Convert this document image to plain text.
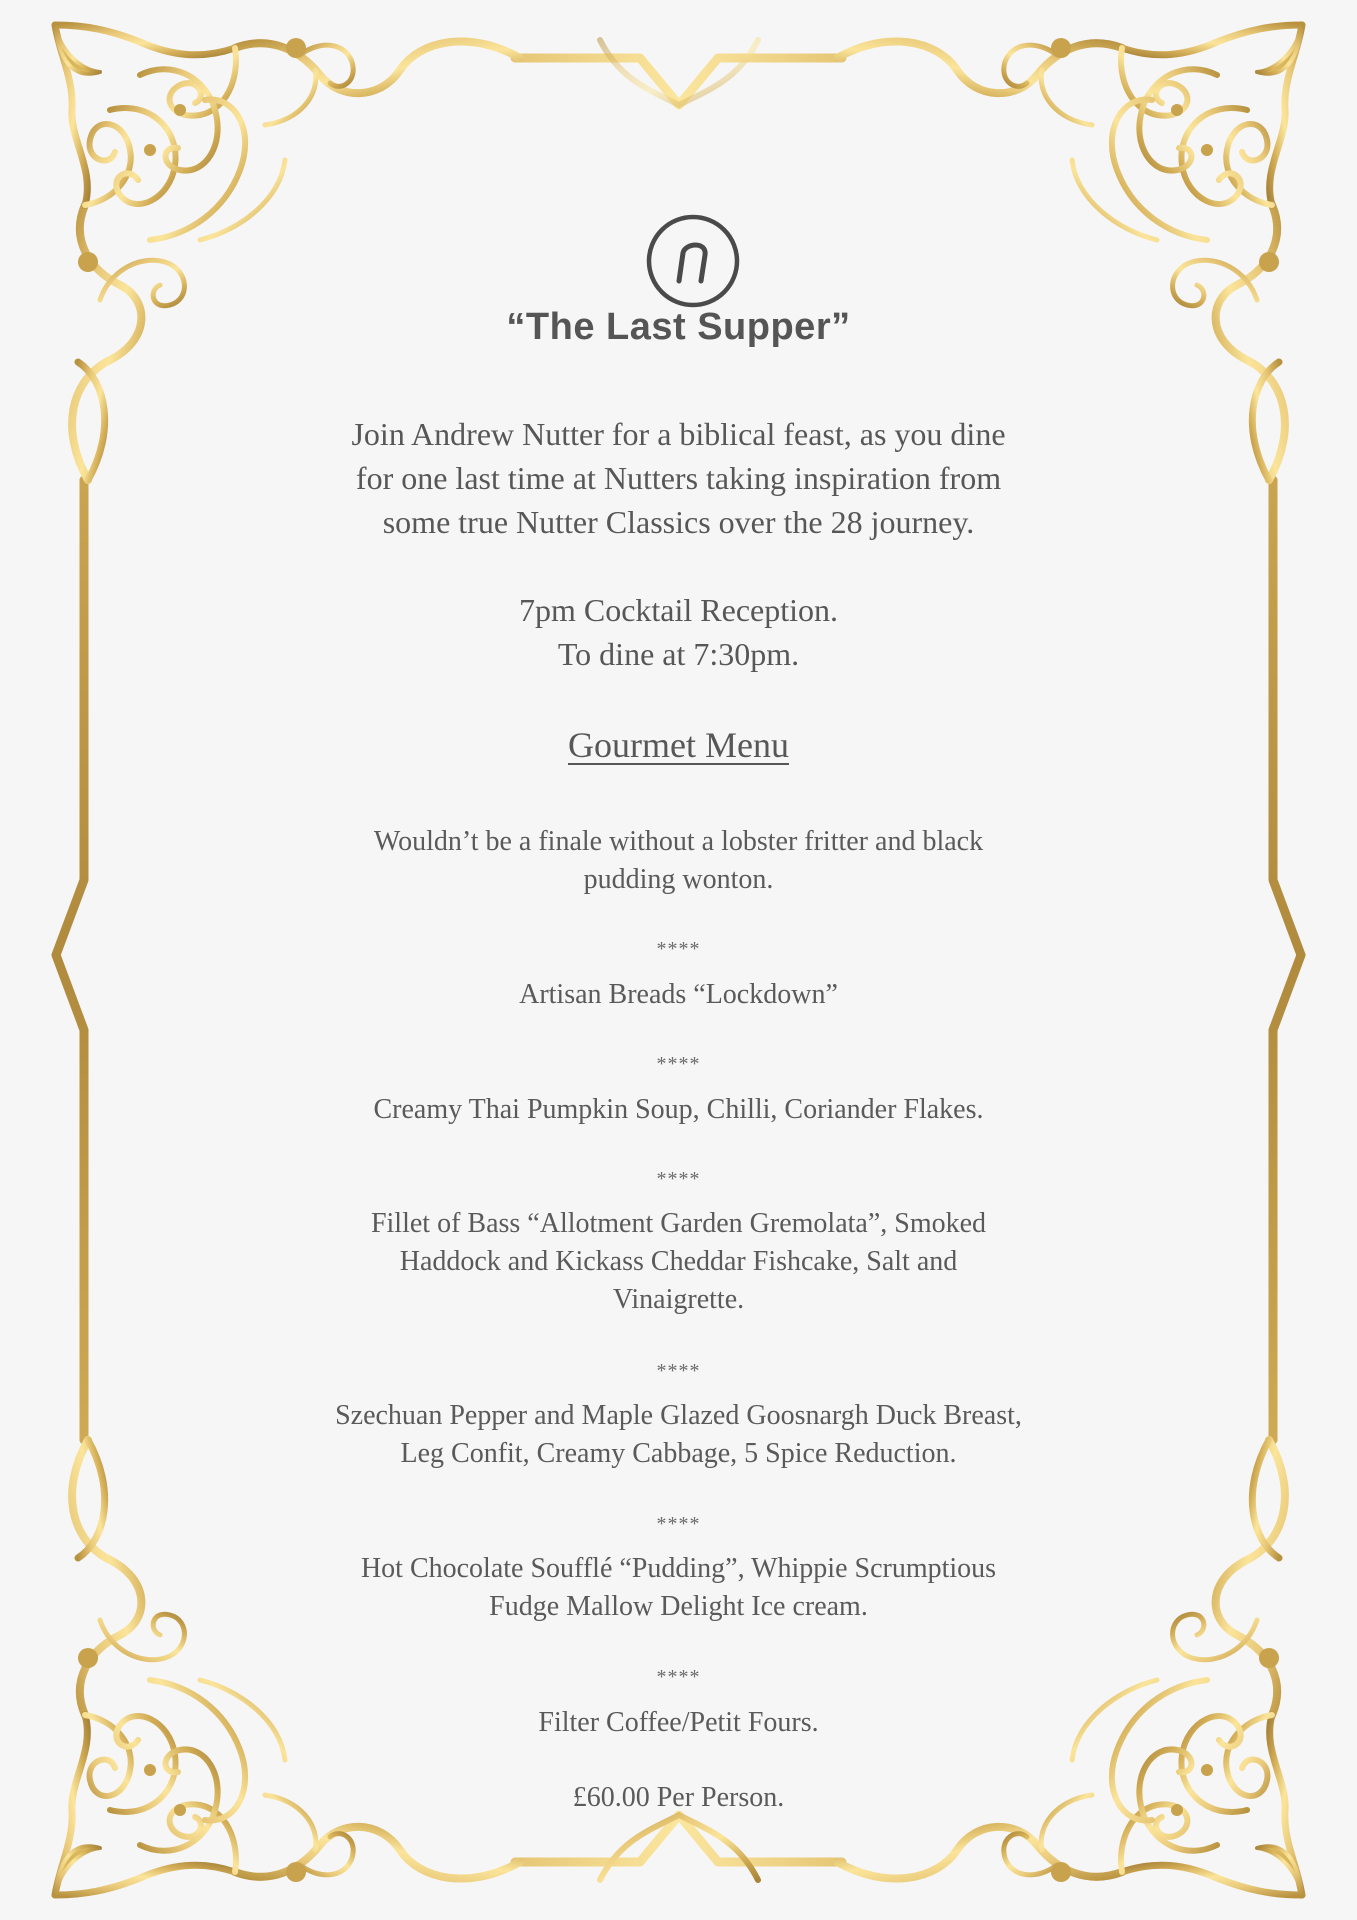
“The Last Supper”
Join Andrew Nutter for a biblical feast, as you dine
for one last time at Nutters taking inspiration from
some true Nutter Classics over the 28 journey.
7pm Cocktail Reception.
To dine at 7:30pm.
Gourmet Menu
Wouldn’t be a finale without a lobster fritter and black
pudding wonton.
****
Artisan Breads “Lockdown”
****
Creamy Thai Pumpkin Soup, Chilli, Coriander Flakes.
****
Fillet of Bass “Allotment Garden Gremolata”, Smoked
Haddock and Kickass Cheddar Fishcake, Salt and
Vinaigrette.
****
Szechuan Pepper and Maple Glazed Goosnargh Duck Breast,
Leg Confit, Creamy Cabbage, 5 Spice Reduction.
****
Hot Chocolate Soufflé “Pudding”, Whippie Scrumptious
Fudge Mallow Delight Ice cream.
****
Filter Coffee/Petit Fours.
£60.00 Per Person.
